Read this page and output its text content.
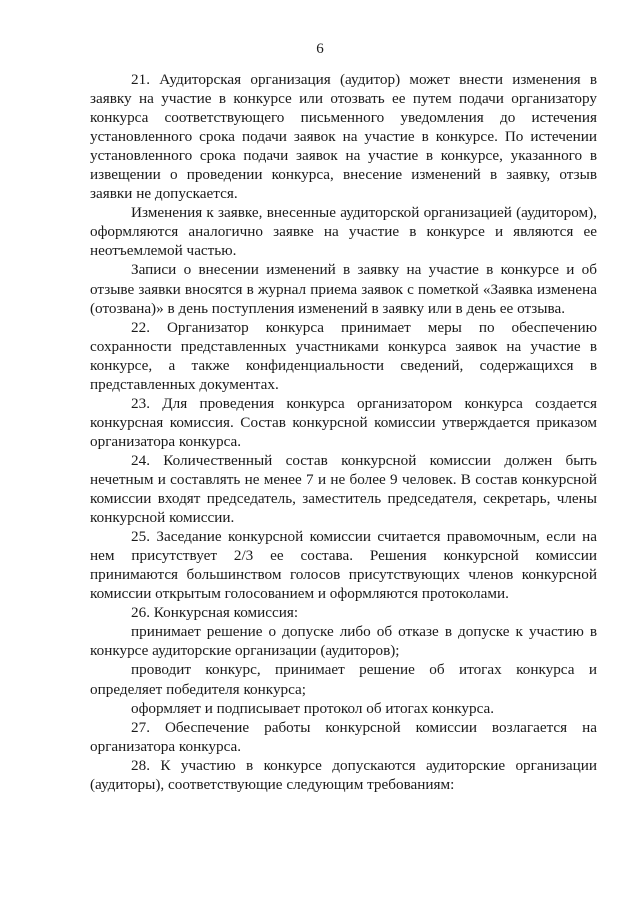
6

21. Аудиторская организация (аудитор) может внести изменения в заявку на участие в конкурсе или отозвать ее путем подачи организатору конкурса соответствующего письменного уведомления до истечения установленного срока подачи заявок на участие в конкурсе. По истечении установленного срока подачи заявок на участие в конкурсе, указанного в извещении о проведении конкурса, внесение изменений в заявку, отзыв заявки не допускается.

Изменения к заявке, внесенные аудиторской организацией (аудитором), оформляются аналогично заявке на участие в конкурсе и являются ее неотъемлемой частью.

Записи о внесении изменений в заявку на участие в конкурсе и об отзыве заявки вносятся в журнал приема заявок с пометкой «Заявка изменена (отозвана)» в день поступления изменений в заявку или в день ее отзыва.

22. Организатор конкурса принимает меры по обеспечению сохранности представленных участниками конкурса заявок на участие в конкурсе, а также конфиденциальности сведений, содержащихся в представленных документах.

23. Для проведения конкурса организатором конкурса создается конкурсная комиссия. Состав конкурсной комиссии утверждается приказом организатора конкурса.

24. Количественный состав конкурсной комиссии должен быть нечетным и составлять не менее 7 и не более 9 человек. В состав конкурсной комиссии входят председатель, заместитель председателя, секретарь, члены конкурсной комиссии.

25. Заседание конкурсной комиссии считается правомочным, если на нем присутствует 2/3 ее состава. Решения конкурсной комиссии принимаются большинством голосов присутствующих членов конкурсной комиссии открытым голосованием и оформляются протоколами.

26. Конкурсная комиссия:

принимает решение о допуске либо об отказе в допуске к участию в конкурсе аудиторские организации (аудиторов);

проводит конкурс, принимает решение об итогах конкурса и определяет победителя конкурса;

оформляет и подписывает протокол об итогах конкурса.

27. Обеспечение работы конкурсной комиссии возлагается на организатора конкурса.

28. К участию в конкурсе допускаются аудиторские организации (аудиторы), соответствующие следующим требованиям:
